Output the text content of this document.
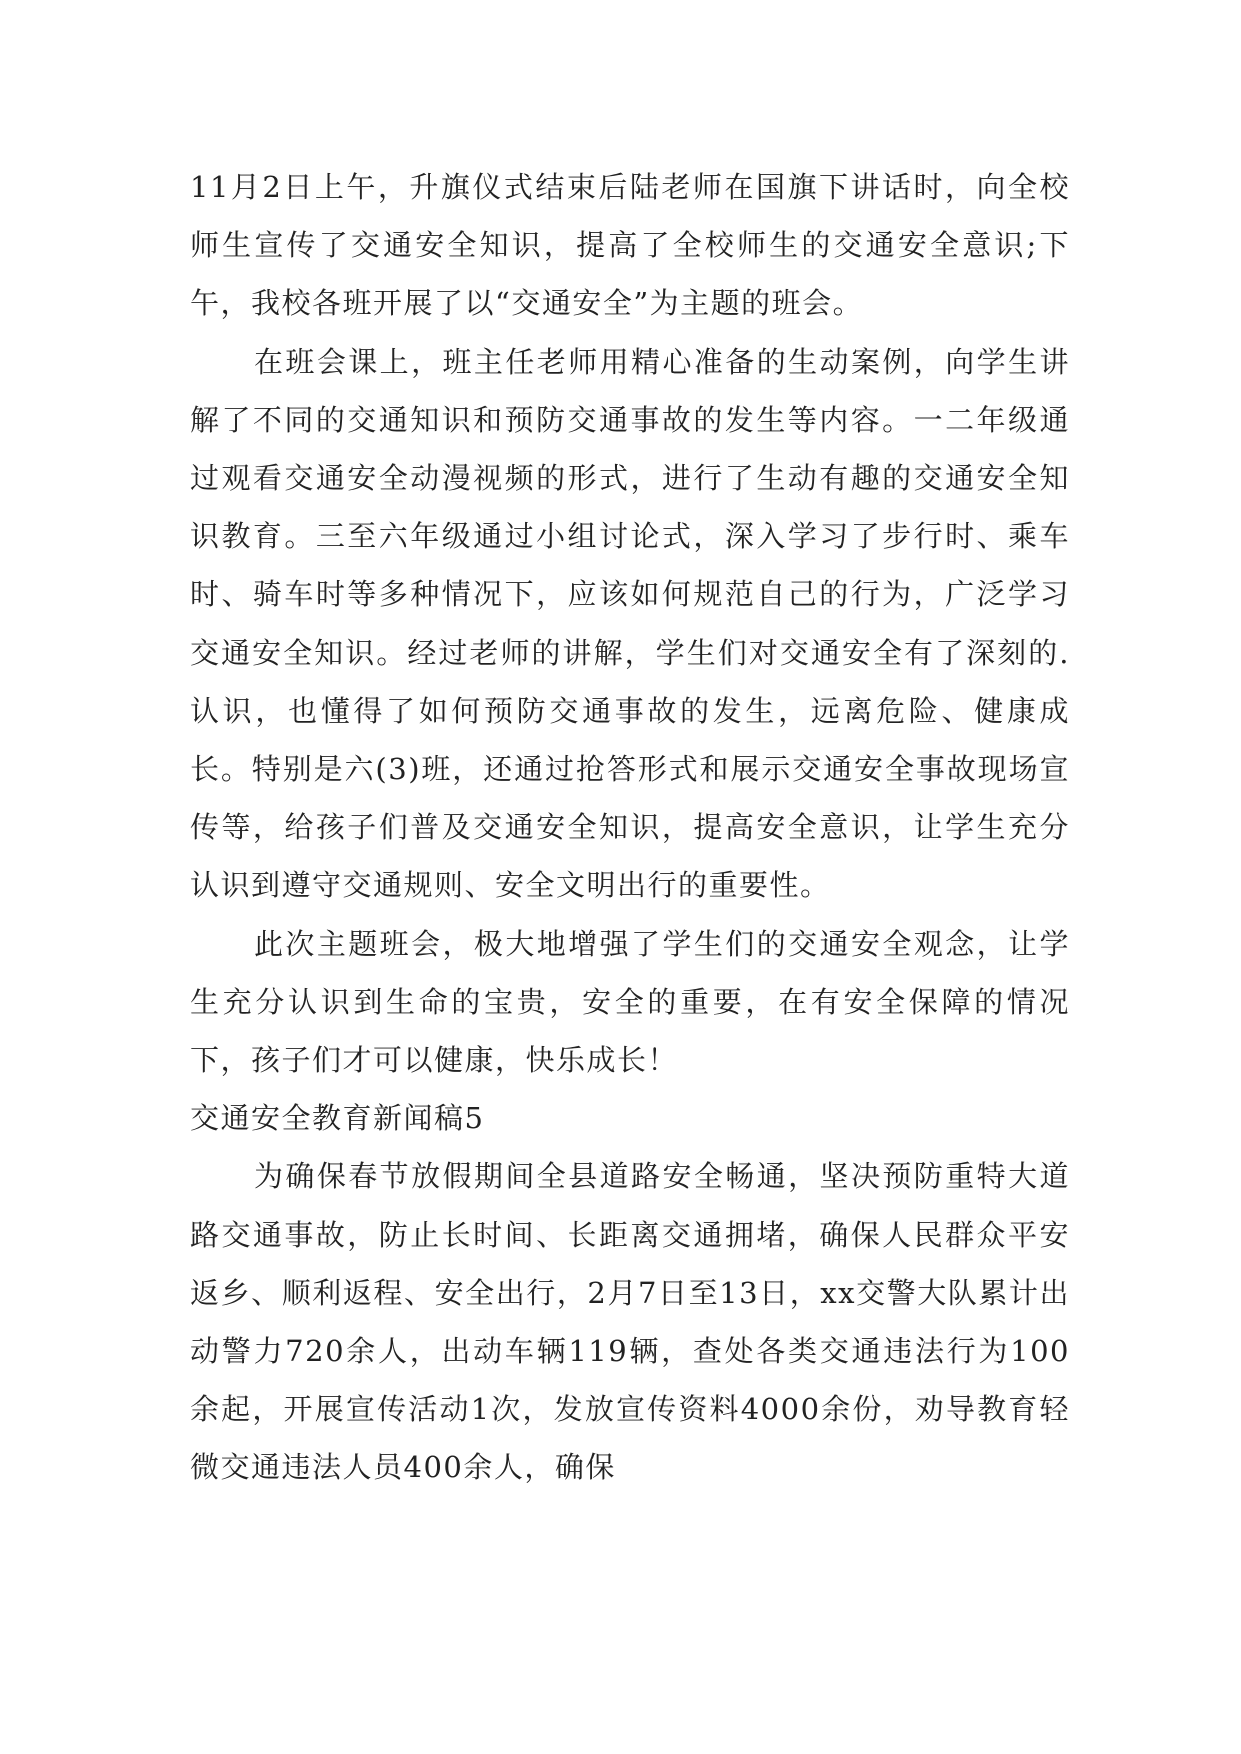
11月2日上午，升旗仪式结束后陆老师在国旗下讲话时，向全校师生宣传了交通安全知识，提高了全校师生的交通安全意识;下午，我校各班开展了以“交通安全”为主题的班会。

在班会课上，班主任老师用精心准备的生动案例，向学生讲解了不同的交通知识和预防交通事故的发生等内容。一二年级通过观看交通安全动漫视频的形式，进行了生动有趣的交通安全知识教育。三至六年级通过小组讨论式，深入学习了步行时、乘车时、骑车时等多种情况下，应该如何规范自己的行为，广泛学习交通安全知识。经过老师的讲解，学生们对交通安全有了深刻的.认识，也懂得了如何预防交通事故的发生，远离危险、健康成长。特别是六(3)班，还通过抢答形式和展示交通安全事故现场宣传等，给孩子们普及交通安全知识，提高安全意识，让学生充分认识到遵守交通规则、安全文明出行的重要性。

此次主题班会，极大地增强了学生们的交通安全观念，让学生充分认识到生命的宝贵，安全的重要，在有安全保障的情况下，孩子们才可以健康，快乐成长！

交通安全教育新闻稿5

为确保春节放假期间全县道路安全畅通，坚决预防重特大道路交通事故，防止长时间、长距离交通拥堵，确保人民群众平安返乡、顺利返程、安全出行，2月7日至13日，xx交警大队累计出动警力720余人，出动车辆119辆，查处各类交通违法行为100余起，开展宣传活动1次，发放宣传资料4000余份，劝导教育轻微交通违法人员400余人，确保
